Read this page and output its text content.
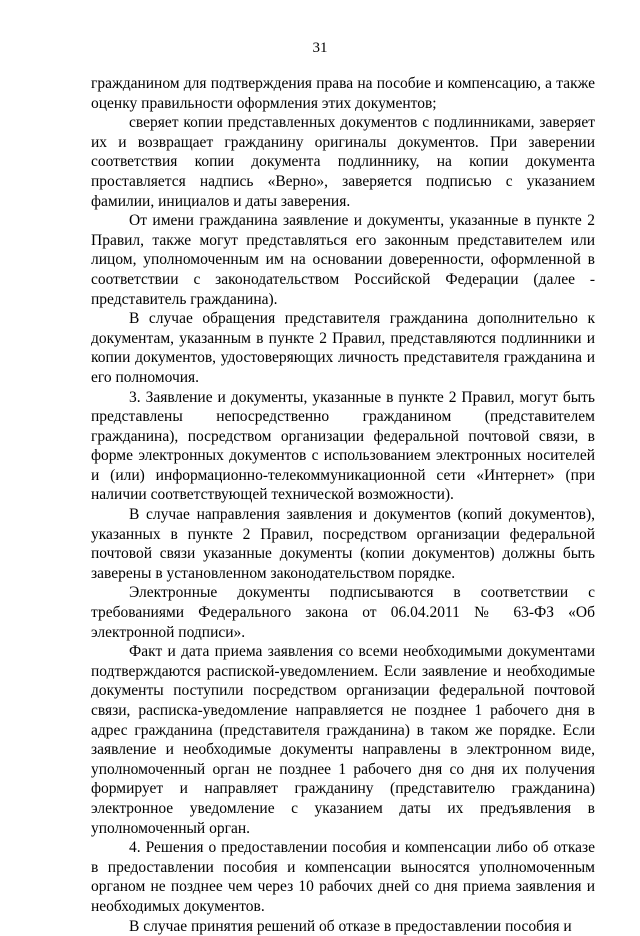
31

гражданином для подтверждения права на пособие и компенсацию, а также оценку правильности оформления этих документов;

сверяет копии представленных документов с подлинниками, заверяет их и возвращает гражданину оригиналы документов. При заверении соответствия копии документа подлиннику, на копии документа проставляется надпись «Верно», заверяется подписью с указанием фамилии, инициалов и даты заверения.

От имени гражданина заявление и документы, указанные в пункте 2 Правил, также могут представляться его законным представителем или лицом, уполномоченным им на основании доверенности, оформленной в соответствии с законодательством Российской Федерации (далее - представитель гражданина).

В случае обращения представителя гражданина дополнительно к документам, указанным в пункте 2 Правил, представляются подлинники и копии документов, удостоверяющих личность представителя гражданина и его полномочия.

3. Заявление и документы, указанные в пункте 2 Правил, могут быть представлены непосредственно гражданином (представителем гражданина), посредством организации федеральной почтовой связи, в форме электронных документов с использованием электронных носителей и (или) информационно-телекоммуникационной сети «Интернет» (при наличии соответствующей технической возможности).

В случае направления заявления и документов (копий документов), указанных в пункте 2 Правил, посредством организации федеральной почтовой связи указанные документы (копии документов) должны быть заверены в установленном законодательством порядке.

Электронные документы подписываются в соответствии с требованиями Федерального закона от 06.04.2011 № 63-ФЗ «Об электронной подписи».

Факт и дата приема заявления со всеми необходимыми документами подтверждаются распиской-уведомлением. Если заявление и необходимые документы поступили посредством организации федеральной почтовой связи, расписка-уведомление направляется не позднее 1 рабочего дня в адрес гражданина (представителя гражданина) в таком же порядке. Если заявление и необходимые документы направлены в электронном виде, уполномоченный орган не позднее 1 рабочего дня со дня их получения формирует и направляет гражданину (представителю гражданина) электронное уведомление с указанием даты их предъявления в уполномоченный орган.

4. Решения о предоставлении пособия и компенсации либо об отказе в предоставлении пособия и компенсации выносятся уполномоченным органом не позднее чем через 10 рабочих дней со дня приема заявления и необходимых документов.

В случае принятия решений об отказе в предоставлении пособия и
